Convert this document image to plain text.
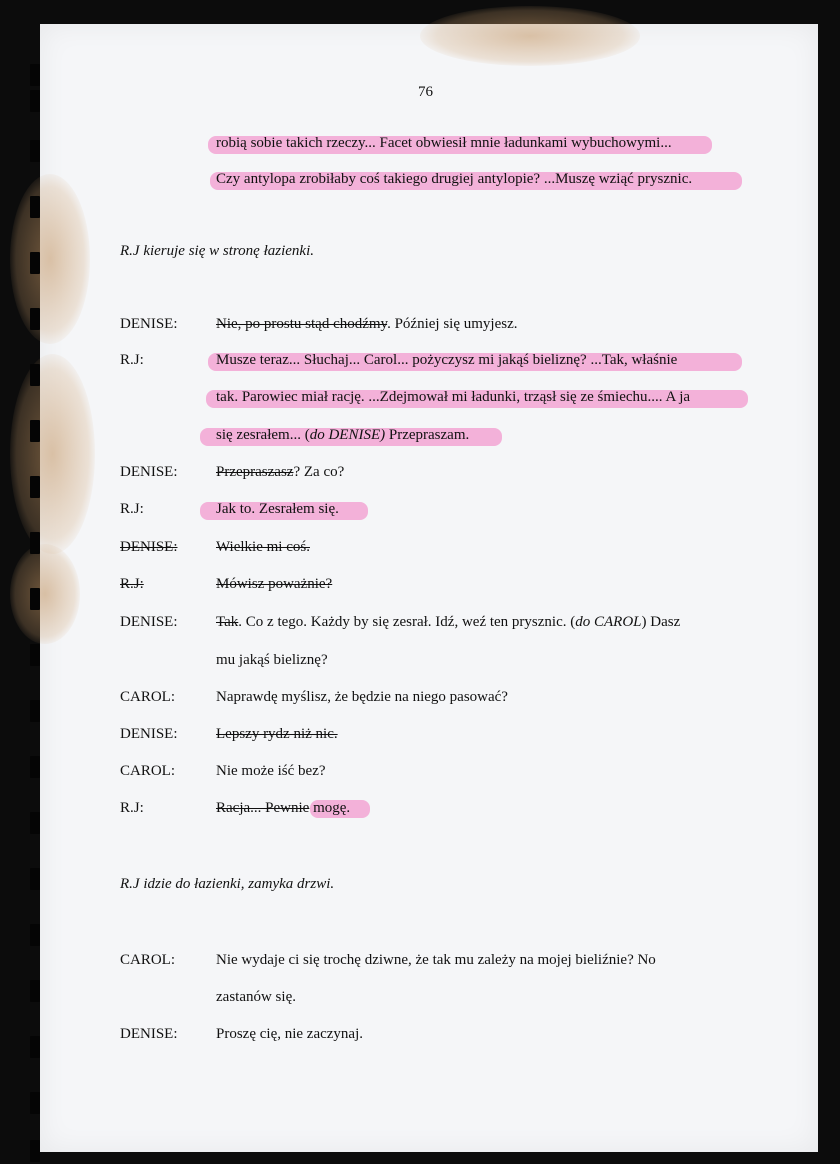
76
robią sobie takich rzeczy... Facet obwiesił mnie ładunkami wybuchowymi...
Czy antylopa zrobiłaby coś takiego drugiej antylopie? ...Muszę wziąć prysznic.
R.J kieruje się w stronę łazienki.
DENISE:	Nie, po prostu stąd chodźmy. Później się umyjesz.
R.J:	Musze teraz... Słuchaj... Carol... pożyczysz mi jakąś bieliznę? ...Tak, właśnie
tak. Parowiec miał rację. ...Zdejmował mi ładunki, trząsł się ze śmiechu.... A ja
się zesrałem... (do DENISE) Przepraszam.
DENISE:	Przepraszasz? Za co?
R.J:	Jak to. Zesrałem się.
DENISE:	Wielkie mi coś.
R.J:	Mówisz poważnie?
DENISE:	Tak. Co z tego. Każdy by się zesrał. Idź, weź ten prysznic. (do CAROL) Dasz
mu jakąś bieliznę?
CAROL:	Naprawdę myślisz, że będzie na niego pasować?
DENISE:	Lepszy rydz niż nic.
CAROL:	Nie może iść bez?
R.J:	Racja... Pewnie mogę.
R.J idzie do łazienki, zamyka drzwi.
CAROL:	Nie wydaje ci się trochę dziwne, że tak mu zależy na mojej bieliźnie? No
zastanów się.
DENISE:	Proszę cię, nie zaczynaj.
